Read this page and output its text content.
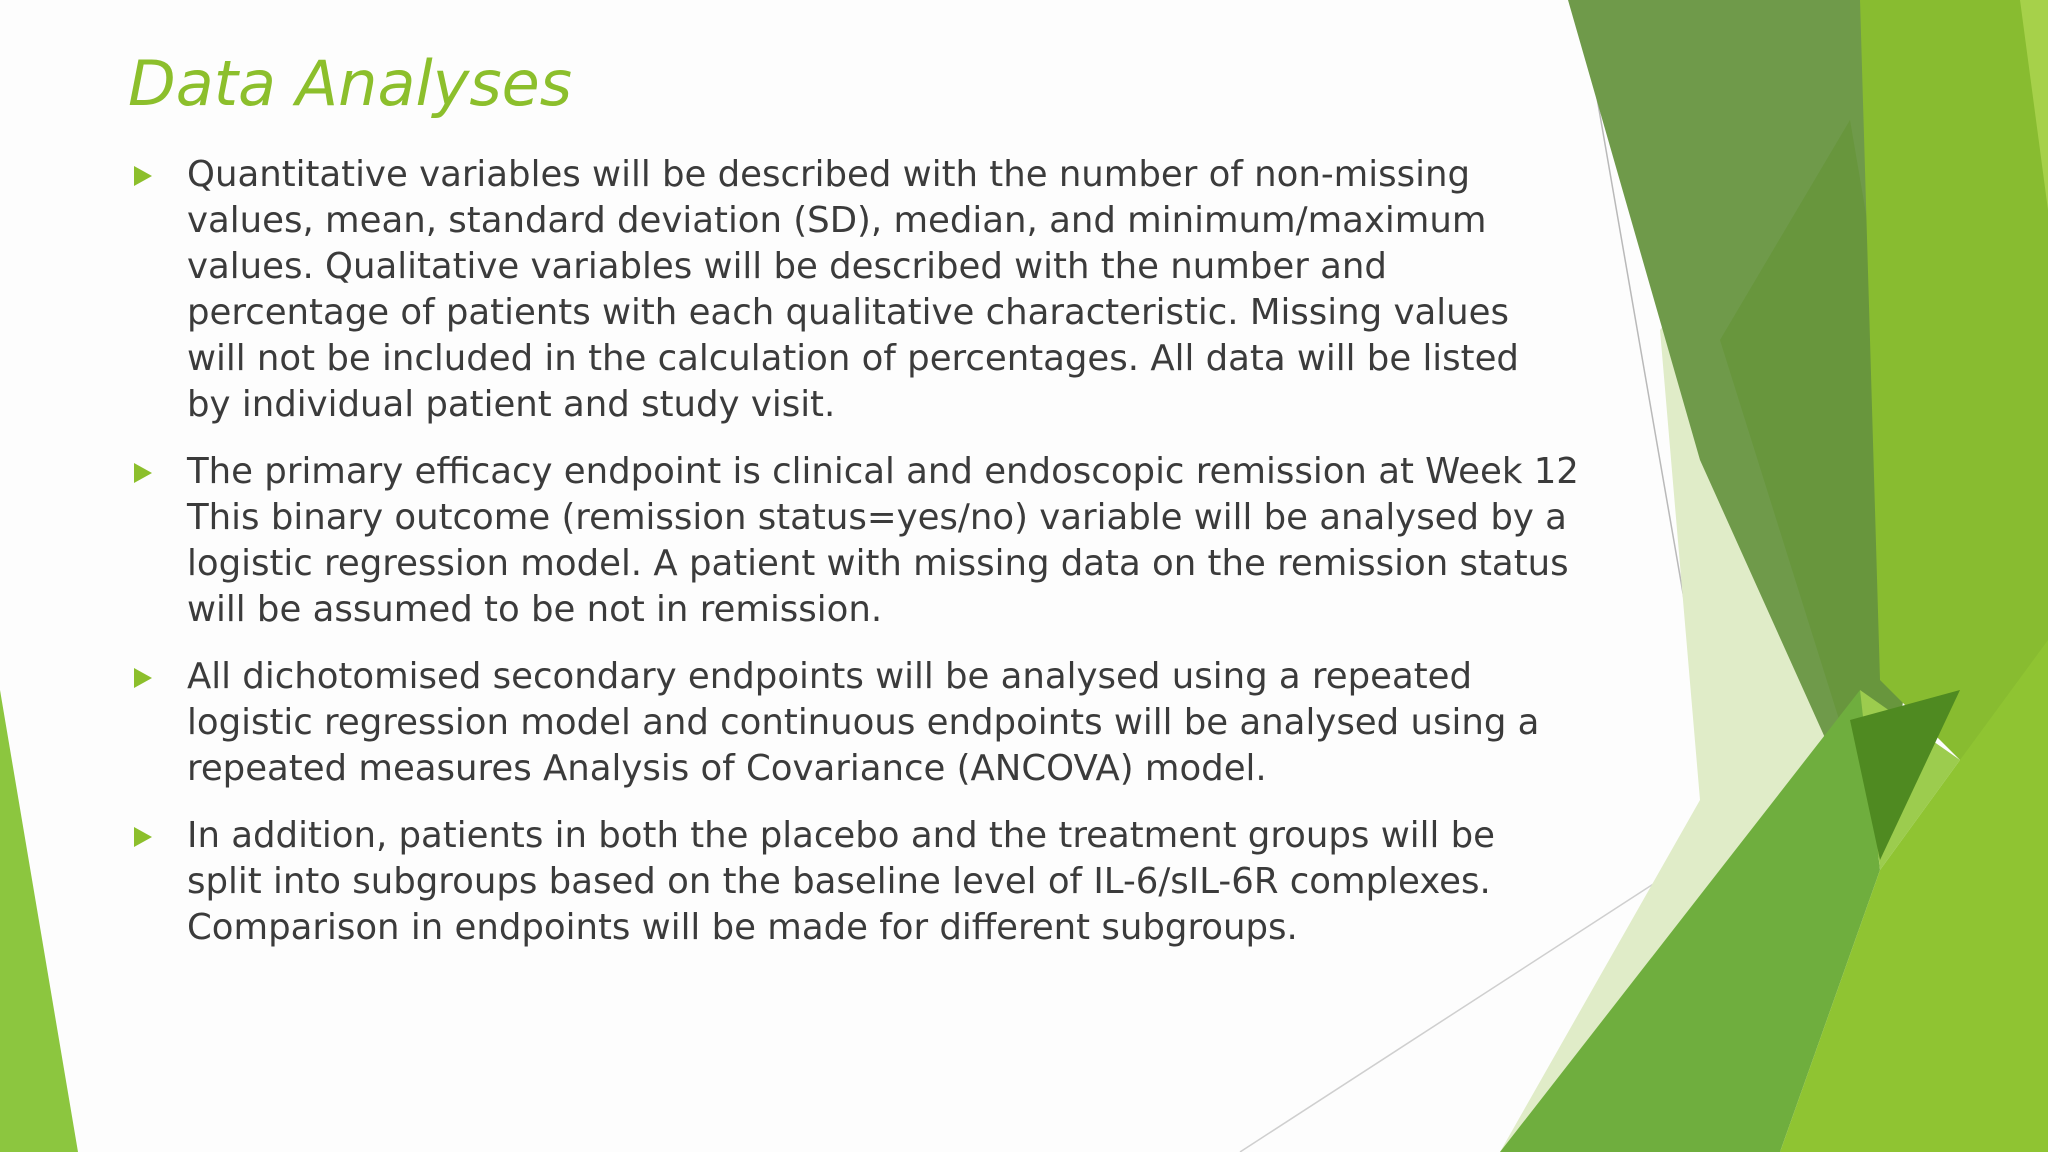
Data Analyses
Quantitative variables will be described with the number of non-missing
values, mean, standard deviation (SD), median, and minimum/maximum
values. Qualitative variables will be described with the number and
percentage of patients with each qualitative characteristic. Missing values
will not be included in the calculation of percentages. All data will be listed
by individual patient and study visit.
The primary efficacy endpoint is clinical and endoscopic remission at Week 12
This binary outcome (remission status=yes/no) variable will be analysed by a
logistic regression model. A patient with missing data on the remission status
will be assumed to be not in remission.
All dichotomised secondary endpoints will be analysed using a repeated
logistic regression model and continuous endpoints will be analysed using a
repeated measures Analysis of Covariance (ANCOVA) model.
In addition, patients in both the placebo and the treatment groups will be
split into subgroups based on the baseline level of IL-6/sIL-6R complexes.
Comparison in endpoints will be made for different subgroups.
